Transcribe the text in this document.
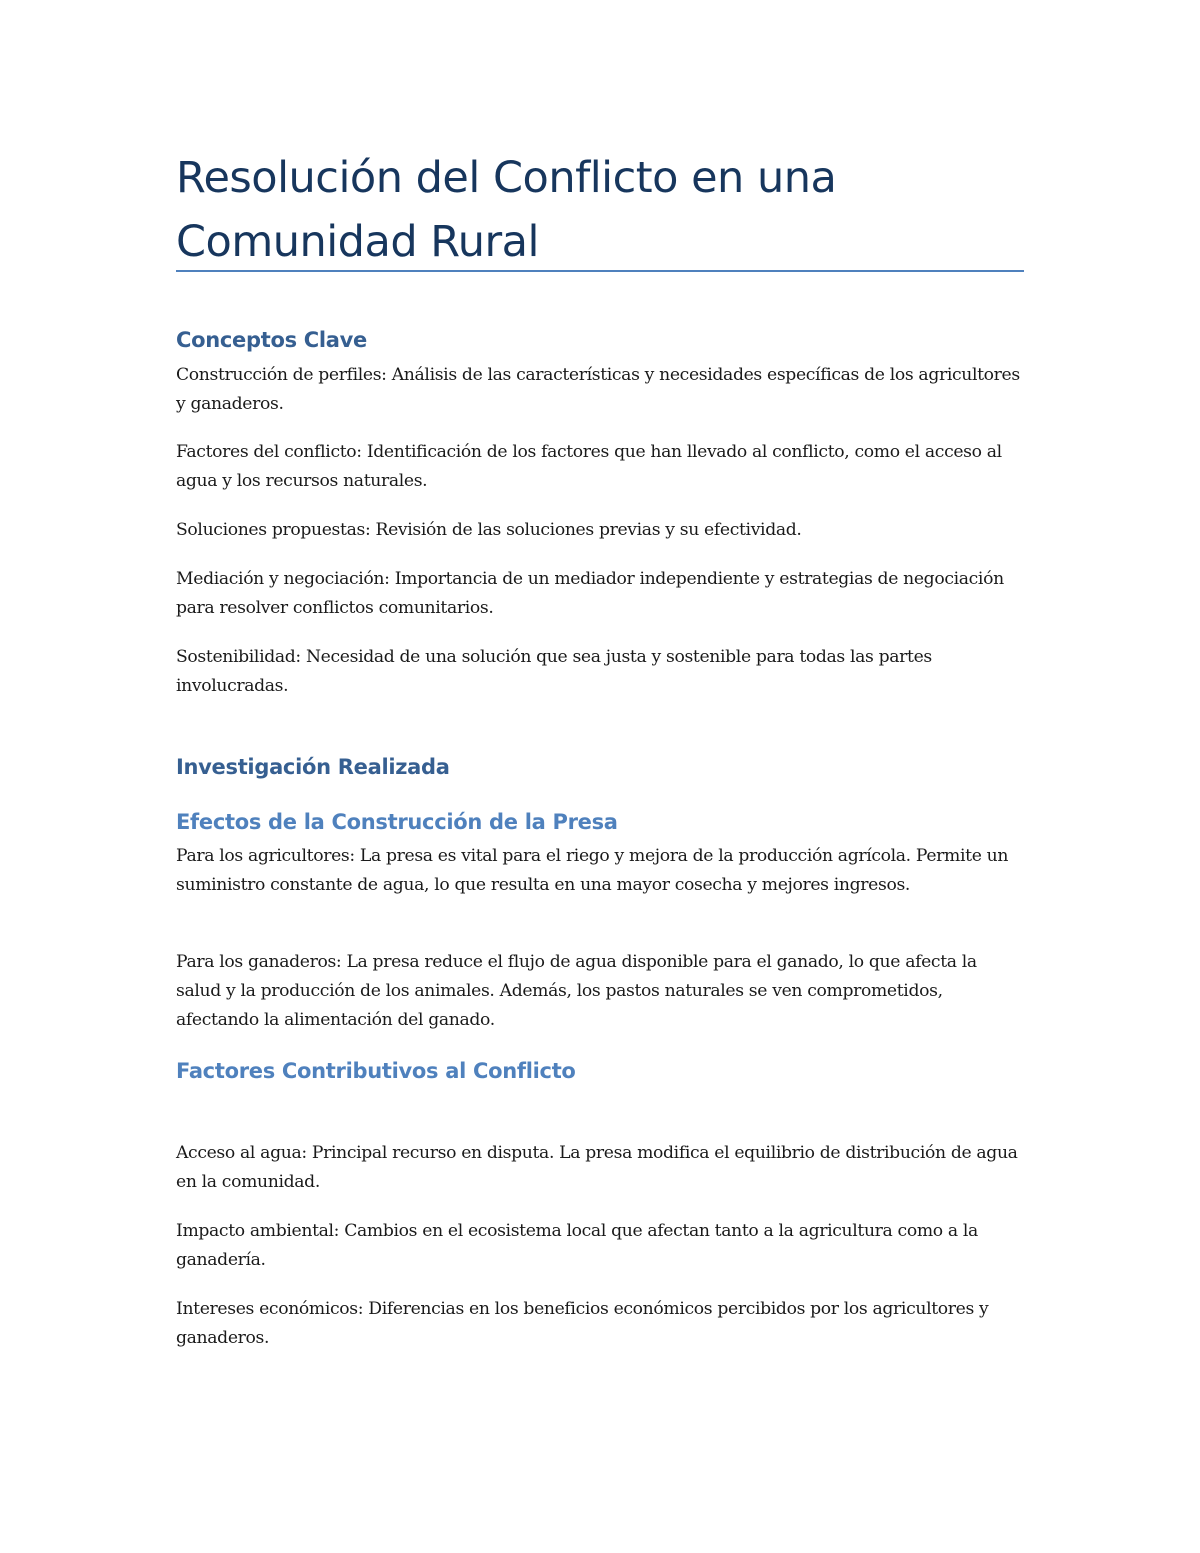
Resolución del Conflicto en una Comunidad Rural
Conceptos Clave

Construcción de perfiles: Análisis de las características y necesidades específicas de los agricultores y ganaderos.

Factores del conflicto: Identificación de los factores que han llevado al conflicto, como el acceso al agua y los recursos naturales.

Soluciones propuestas: Revisión de las soluciones previas y su efectividad.

Mediación y negociación: Importancia de un mediador independiente y estrategias de negociación para resolver conflictos comunitarios.

Sostenibilidad: Necesidad de una solución que sea justa y sostenible para todas las partes involucradas.

Investigación Realizada
Efectos de la Construcción de la Presa

Para los agricultores: La presa es vital para el riego y mejora de la producción agrícola. Permite un suministro constante de agua, lo que resulta en una mayor cosecha y mejores ingresos.

Para los ganaderos: La presa reduce el flujo de agua disponible para el ganado, lo que afecta la salud y la producción de los animales. Además, los pastos naturales se ven comprometidos, afectando la alimentación del ganado.

Factores Contributivos al Conflicto

Acceso al agua: Principal recurso en disputa. La presa modifica el equilibrio de distribución de agua en la comunidad.

Impacto ambiental: Cambios en el ecosistema local que afectan tanto a la agricultura como a la ganadería.

Intereses económicos: Diferencias en los beneficios económicos percibidos por los agricultores y ganaderos.
